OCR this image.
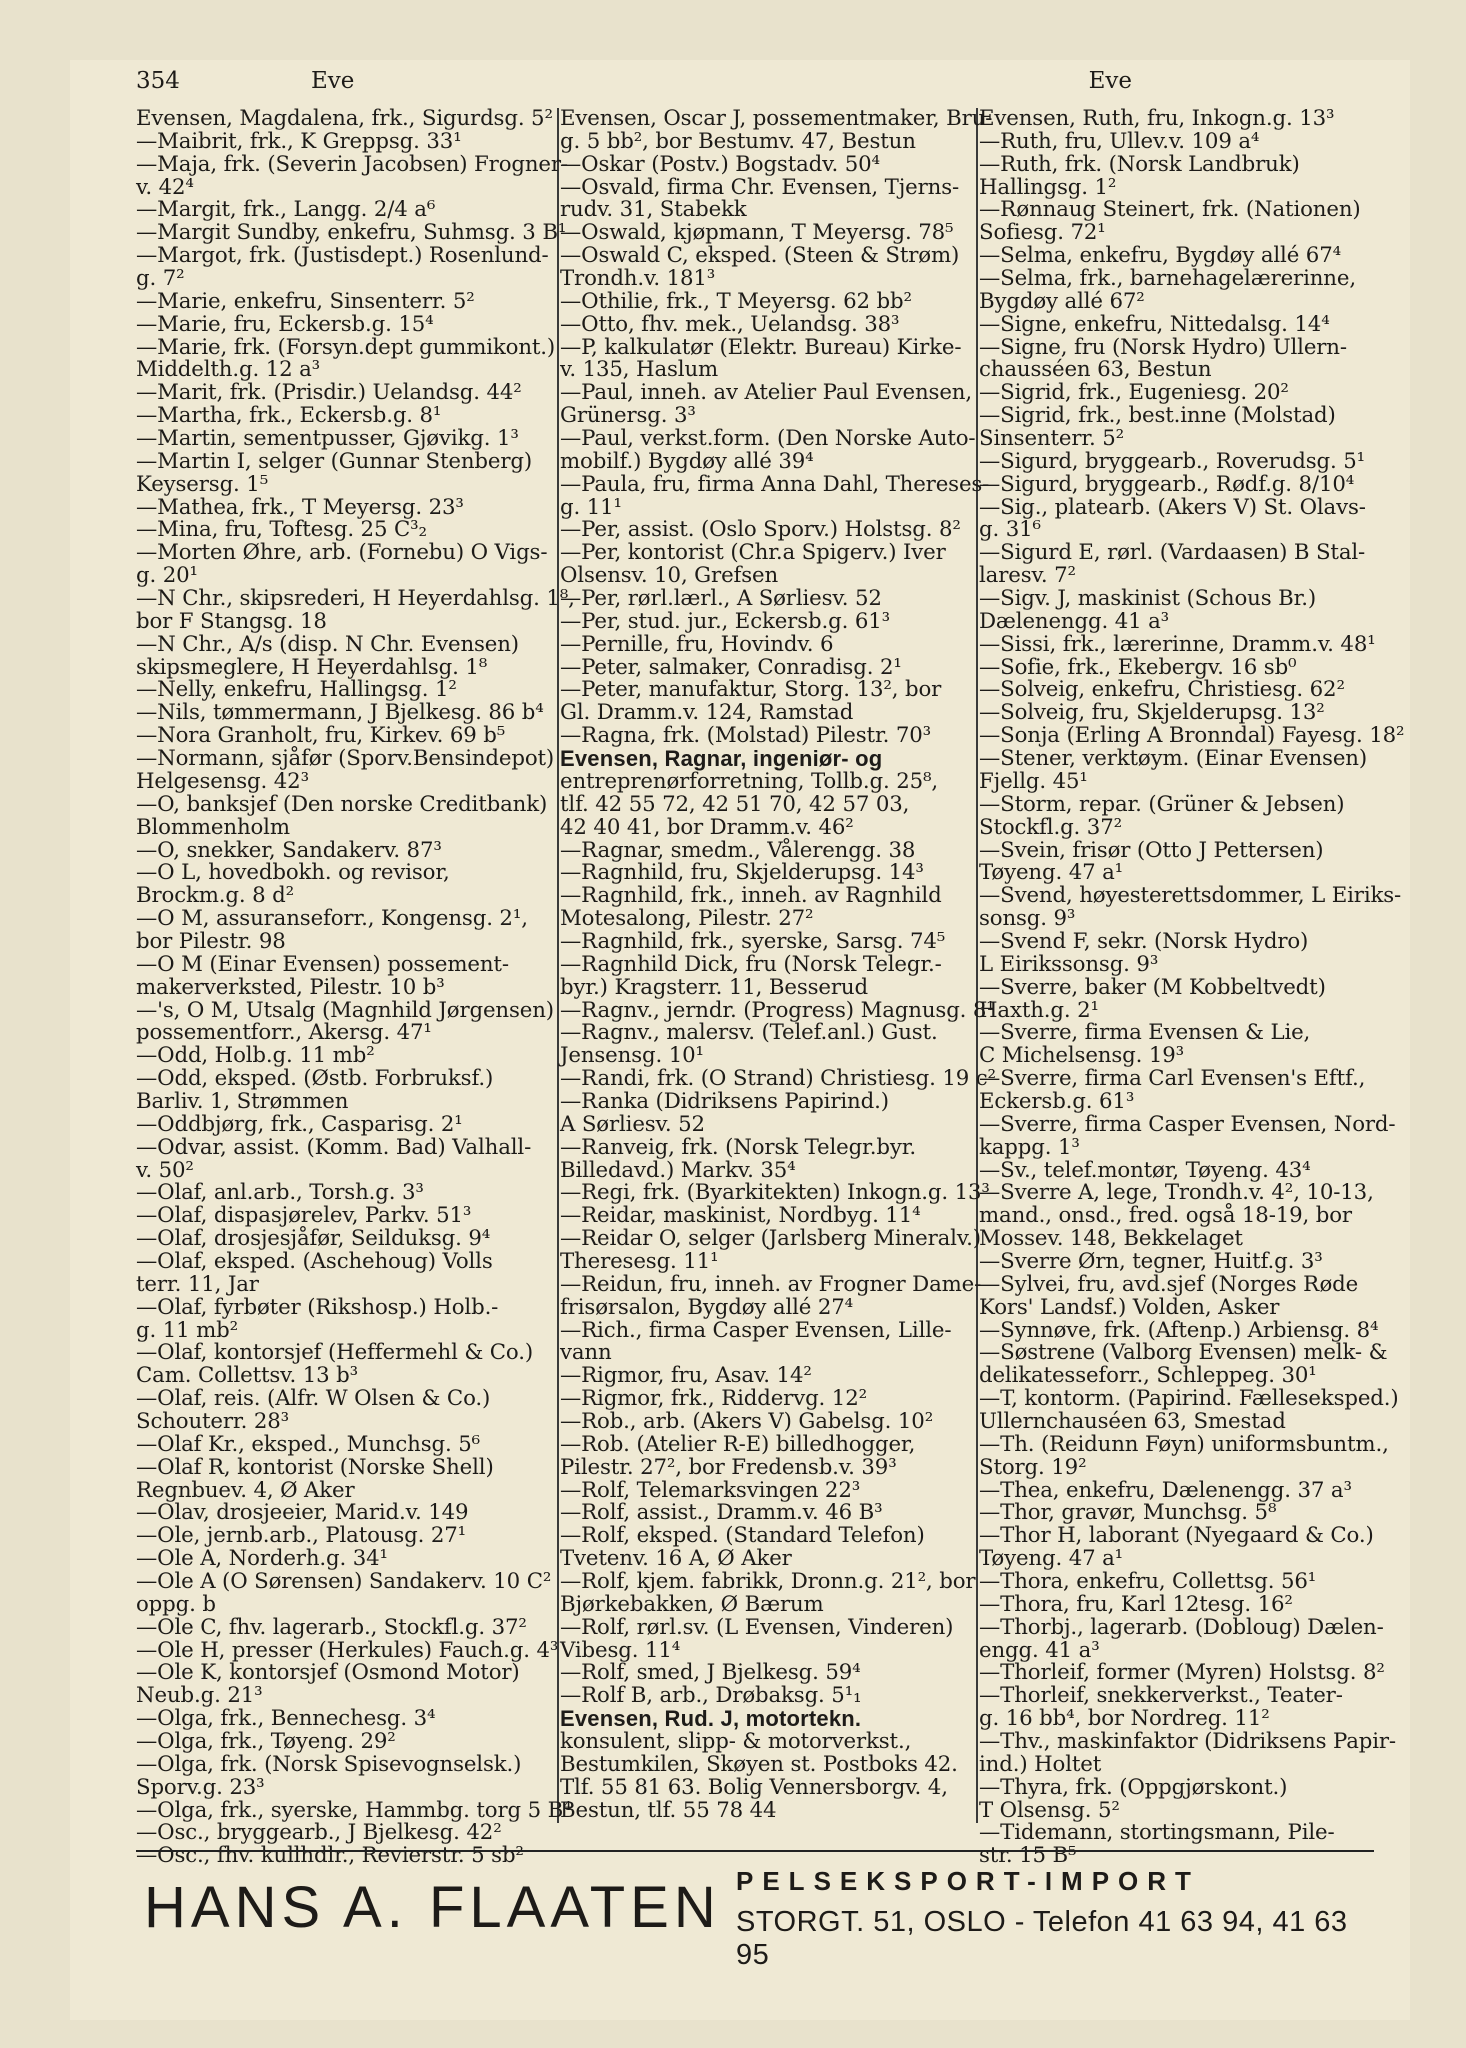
354	Eve	Eve
Evensen, Magdalena, frk., Sigurdsg. 5²
—Maibrit, frk., K Greppsg. 33¹
—Maja, frk. (Severin Jacobsen) Frogner-
v. 42⁴
—Margit, frk., Langg. 2/4 a⁶
—Margit Sundby, enkefru, Suhmsg. 3 B¹
—Margot, frk. (Justisdept.) Rosenlund-
g. 7²
—Marie, enkefru, Sinsenterr. 5²
—Marie, fru, Eckersb.g. 15⁴
—Marie, frk. (Forsyn.dept gummikont.)
Middelth.g. 12 a³
—Marit, frk. (Prisdir.) Uelandsg. 44²
—Martha, frk., Eckersb.g. 8¹
—Martin, sementpusser, Gjøvikg. 1³
—Martin I, selger (Gunnar Stenberg)
Keysersg. 1⁵
—Mathea, frk., T Meyersg. 23³
—Mina, fru, Toftesg. 25 C³₂
—Morten Øhre, arb. (Fornebu) O Vigs-
g. 20¹
—N Chr., skipsrederi, H Heyerdahlsg. 1⁸,
bor F Stangsg. 18
—N Chr., A/s (disp. N Chr. Evensen)
skipsmeglere, H Heyerdahlsg. 1⁸
—Nelly, enkefru, Hallingsg. 1²
—Nils, tømmermann, J Bjelkesg. 86 b⁴
—Nora Granholt, fru, Kirkev. 69 b⁵
—Normann, sjåfør (Sporv.Bensindepot)
Helgesensg. 42³
—O, banksjef (Den norske Creditbank)
Blommenholm
—O, snekker, Sandakerv. 87³
—O L, hovedbokh. og revisor,
Brockm.g. 8 d²
—O M, assuranseforr., Kongensg. 2¹,
bor Pilestr. 98
—O M (Einar Evensen) possement-
makerverksted, Pilestr. 10 b³
—'s, O M, Utsalg (Magnhild Jørgensen)
possementforr., Akersg. 47¹
—Odd, Holb.g. 11 mb²
—Odd, eksped. (Østb. Forbruksf.)
Barliv. 1, Strømmen
—Oddbjørg, frk., Casparisg. 2¹
—Odvar, assist. (Komm. Bad) Valhall-
v. 50²
—Olaf, anl.arb., Torsh.g. 3³
—Olaf, dispasjørelev, Parkv. 51³
—Olaf, drosjesjåfør, Seilduksg. 9⁴
—Olaf, eksped. (Aschehoug) Volls
terr. 11, Jar
—Olaf, fyrbøter (Rikshosp.) Holb.-
g. 11 mb²
—Olaf, kontorsjef (Heffermehl & Co.)
Cam. Collettsv. 13 b³
—Olaf, reis. (Alfr. W Olsen & Co.)
Schouterr. 28³
—Olaf Kr., eksped., Munchsg. 5⁶
—Olaf R, kontorist (Norske Shell)
Regnbuev. 4, Ø Aker
—Olav, drosjeeier, Marid.v. 149
—Ole, jernb.arb., Platousg. 27¹
—Ole A, Norderh.g. 34¹
—Ole A (O Sørensen) Sandakerv. 10 C²
oppg. b
—Ole C, fhv. lagerarb., Stockfl.g. 37²
—Ole H, presser (Herkules) Fauch.g. 4³
—Ole K, kontorsjef (Osmond Motor)
Neub.g. 21³
—Olga, frk., Bennechesg. 3⁴
—Olga, frk., Tøyeng. 29²
—Olga, frk. (Norsk Spisevognselsk.)
Sporv.g. 23³
—Olga, frk., syerske, Hammbg. torg 5 B⁴
—Osc., bryggearb., J Bjelkesg. 42²
—Osc., fhv. kullhdlr., Revierstr. 5 sb²
Evensen, Oscar J, possementmaker, Bru-
g. 5 bb², bor Bestumv. 47, Bestun
—Oskar (Postv.) Bogstadv. 50⁴
—Osvald, firma Chr. Evensen, Tjerns-
rudv. 31, Stabekk
—Oswald, kjøpmann, T Meyersg. 78⁵
—Oswald C, eksped. (Steen & Strøm)
Trondh.v. 181³
—Othilie, frk., T Meyersg. 62 bb²
—Otto, fhv. mek., Uelandsg. 38³
—P, kalkulatør (Elektr. Bureau) Kirke-
v. 135, Haslum
—Paul, inneh. av Atelier Paul Evensen,
Grünersg. 3³
—Paul, verkst.form. (Den Norske Auto-
mobilf.) Bygdøy allé 39⁴
—Paula, fru, firma Anna Dahl, Thereses-
g. 11¹
—Per, assist. (Oslo Sporv.) Holstsg. 8²
—Per, kontorist (Chr.a Spigerv.) Iver
Olsensv. 10, Grefsen
—Per, rørl.lærl., A Sørliesv. 52
—Per, stud. jur., Eckersb.g. 61³
—Pernille, fru, Hovindv. 6
—Peter, salmaker, Conradisg. 2¹
—Peter, manufaktur, Storg. 13², bor
Gl. Dramm.v. 124, Ramstad
—Ragna, frk. (Molstad) Pilestr. 70³
Evensen, Ragnar, ingeniør- og
entreprenørforretning, Tollb.g. 25⁸,
tlf. 42 55 72, 42 51 70, 42 57 03,
42 40 41, bor Dramm.v. 46²
—Ragnar, smedm., Vålerengg. 38
—Ragnhild, fru, Skjelderupsg. 14³
—Ragnhild, frk., inneh. av Ragnhild
Motesalong, Pilestr. 27²
—Ragnhild, frk., syerske, Sarsg. 74⁵
—Ragnhild Dick, fru (Norsk Telegr.-
byr.) Kragsterr. 11, Besserud
—Ragnv., jerndr. (Progress) Magnusg. 8¹
—Ragnv., malersv. (Telef.anl.) Gust.
Jensensg. 10¹
—Randi, frk. (O Strand) Christiesg. 19 c²
—Ranka (Didriksens Papirind.)
A Sørliesv. 52
—Ranveig, frk. (Norsk Telegr.byr.
Billedavd.) Markv. 35⁴
—Regi, frk. (Byarkitekten) Inkogn.g. 13³
—Reidar, maskinist, Nordbyg. 11⁴
—Reidar O, selger (Jarlsberg Mineralv.)
Theresesg. 11¹
—Reidun, fru, inneh. av Frogner Dame-
frisørsalon, Bygdøy allé 27⁴
—Rich., firma Casper Evensen, Lille-
vann
—Rigmor, fru, Asav. 14²
—Rigmor, frk., Riddervg. 12²
—Rob., arb. (Akers V) Gabelsg. 10²
—Rob. (Atelier R-E) billedhogger,
Pilestr. 27², bor Fredensb.v. 39³
—Rolf, Telemarksvingen 22³
—Rolf, assist., Dramm.v. 46 B³
—Rolf, eksped. (Standard Telefon)
Tvetenv. 16 A, Ø Aker
—Rolf, kjem. fabrikk, Dronn.g. 21², bor
Bjørkebakken, Ø Bærum
—Rolf, rørl.sv. (L Evensen, Vinderen)
Vibesg. 11⁴
—Rolf, smed, J Bjelkesg. 59⁴
—Rolf B, arb., Drøbaksg. 5¹₁
Evensen, Rud. J, motortekn.
konsulent, slipp- & motorverkst.,
Bestumkilen, Skøyen st. Postboks 42.
Tlf. 55 81 63. Bolig Vennersborgv. 4,
Bestun, tlf. 55 78 44
Evensen, Ruth, fru, Inkogn.g. 13³
—Ruth, fru, Ullev.v. 109 a⁴
—Ruth, frk. (Norsk Landbruk)
Hallingsg. 1²
—Rønnaug Steinert, frk. (Nationen)
Sofiesg. 72¹
—Selma, enkefru, Bygdøy allé 67⁴
—Selma, frk., barnehagelærerinne,
Bygdøy allé 67²
—Signe, enkefru, Nittedalsg. 14⁴
—Signe, fru (Norsk Hydro) Ullern-
chausséen 63, Bestun
—Sigrid, frk., Eugeniesg. 20²
—Sigrid, frk., best.inne (Molstad)
Sinsenterr. 5²
—Sigurd, bryggearb., Roverudsg. 5¹
—Sigurd, bryggearb., Rødf.g. 8/10⁴
—Sig., platearb. (Akers V) St. Olavs-
g. 31⁶
—Sigurd E, rørl. (Vardaasen) B Stal-
laresv. 7²
—Sigv. J, maskinist (Schous Br.)
Dælenengg. 41 a³
—Sissi, frk., lærerinne, Dramm.v. 48¹
—Sofie, frk., Ekebergv. 16 sb⁰
—Solveig, enkefru, Christiesg. 62²
—Solveig, fru, Skjelderupsg. 13²
—Sonja (Erling A Bronndal) Fayesg. 18²
—Stener, verktøym. (Einar Evensen)
Fjellg. 45¹
—Storm, repar. (Grüner & Jebsen)
Stockfl.g. 37²
—Svein, frisør (Otto J Pettersen)
Tøyeng. 47 a¹
—Svend, høyesterettsdommer, L Eiriks-
sonsg. 9³
—Svend F, sekr. (Norsk Hydro)
L Eirikssonsg. 9³
—Sverre, baker (M Kobbeltvedt)
Haxth.g. 2¹
—Sverre, firma Evensen & Lie,
C Michelsensg. 19³
—Sverre, firma Carl Evensen's Eftf.,
Eckersb.g. 61³
—Sverre, firma Casper Evensen, Nord-
kappg. 1³
—Sv., telef.montør, Tøyeng. 43⁴
—Sverre A, lege, Trondh.v. 4², 10-13,
mand., onsd., fred. også 18-19, bor
Mossev. 148, Bekkelaget
—Sverre Ørn, tegner, Huitf.g. 3³
—Sylvei, fru, avd.sjef (Norges Røde
Kors' Landsf.) Volden, Asker
—Synnøve, frk. (Aftenp.) Arbiensg. 8⁴
—Søstrene (Valborg Evensen) melk- &
delikatesseforr., Schleppeg. 30¹
—T, kontorm. (Papirind. Fælleseksped.)
Ullernchauséen 63, Smestad
—Th. (Reidunn Føyn) uniformsbuntm.,
Storg. 19²
—Thea, enkefru, Dælenengg. 37 a³
—Thor, gravør, Munchsg. 5⁸
—Thor H, laborant (Nyegaard & Co.)
Tøyeng. 47 a¹
—Thora, enkefru, Collettsg. 56¹
—Thora, fru, Karl 12tesg. 16²
—Thorbj., lagerarb. (Dobloug) Dælen-
engg. 41 a³
—Thorleif, former (Myren) Holstsg. 8²
—Thorleif, snekkerverkst., Teater-
g. 16 bb⁴, bor Nordreg. 11²
—Thv., maskinfaktor (Didriksens Papir-
ind.) Holtet
—Thyra, frk. (Oppgjørskont.)
T Olsensg. 5²
—Tidemann, stortingsmann, Pile-
str. 15 B⁵
HANS A. FLAATEN PELSEKSPORT-IMPORT
STORGT. 51, OSLO - Telefon 41 63 94, 41 63 95
